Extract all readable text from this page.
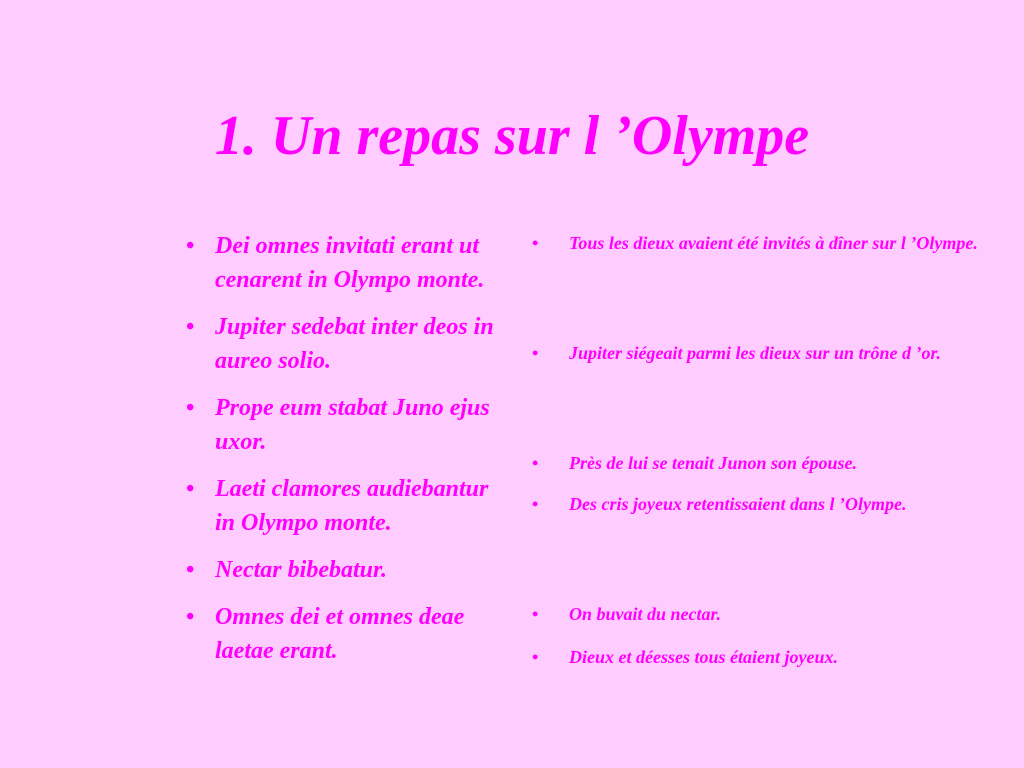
1. Un repas sur l ’Olympe
• Dei omnes invitati erant ut cenarent in Olympo monte.
• Jupiter sedebat inter deos in aureo solio.
• Prope eum stabat Juno ejus uxor.
• Laeti clamores audiebantur in Olympo monte.
• Nectar bibebatur.
• Omnes dei et omnes deae laetae erant.
• Tous les dieux avaient été invités à dîner sur l ’Olympe.
• Jupiter siégeait parmi les dieux sur un trône d ’or.
• Près de lui se tenait Junon son épouse.
• Des cris joyeux retentissaient dans l ’Olympe.
• On buvait du nectar.
• Dieux et déesses tous étaient joyeux.
